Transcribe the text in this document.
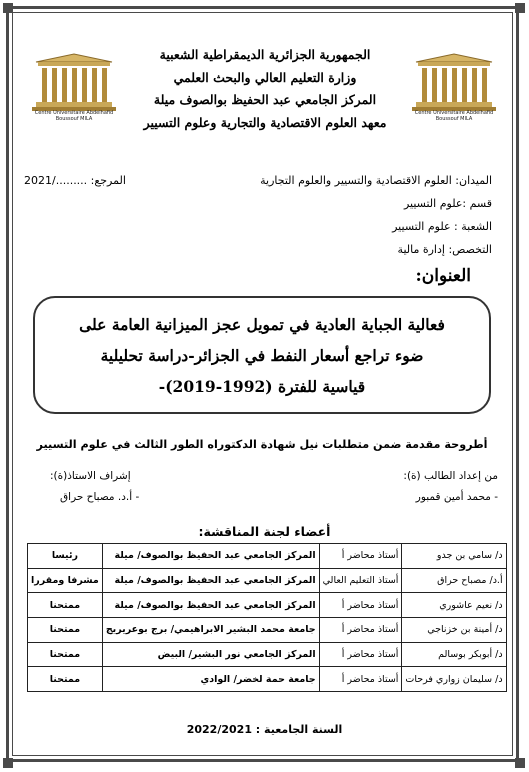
Centre Universitaire Abdelhafid Boussouf MILA
Centre Universitaire Abdelhafid Boussouf MILA
الجمهورية الجزائرية الديمقراطية الشعبية
وزارة التعليم العالي والبحث العلمي
المركز الجامعي عبد الحفيظ بوالصوف ميلة
معهد العلوم الاقتصادية والتجارية وعلوم التسيير
الميدان: العلوم الاقتصادية والتسيير والعلوم التجارية
المرجع: ........./2021
قسم :علوم التسيير
الشعبة : علوم التسيير
التخصص: إدارة مالية
العنوان:
فعالية الجباية العادية في تمويل عجز الميزانية العامة على
ضوء تراجع أسعار النفط في الجزائر-دراسة تحليلية
قياسية للفترة (1992-2019)-
أطروحة مقدمة ضمن متطلبات نيل شهادة الدكتوراه الطور الثالث في علوم التسيير
من إعداد الطالب (ة):
إشراف الاستاذ(ة):
- محمد أمين قمبور
- أ.د. مصباح حراق
أعضاء لجنة المناقشة:
د/ سامي بن جدو	أستاذ محاضر أ	المركز الجامعي عبد الحفيظ بوالصوف/ ميلة	رئيسا
أ.د/ مصباح حراق	أستاذ التعليم العالي	المركز الجامعي عبد الحفيظ بوالصوف/ ميلة	مشرفا ومقررا
د/ نعيم عاشوري	أستاذ محاضر أ	المركز الجامعي عبد الحفيظ بوالصوف/ ميلة	ممتحنا
د/ أمينة بن خزناجي	أستاذ محاضر أ	جامعة محمد البشير الابراهيمي/ برج بوعريريج	ممتحنا
د/ أبوبكر بوسالم	أستاذ محاضر أ	المركز الجامعي نور البشير/ البيض	ممتحنا
د/ سليمان زواري فرحات	أستاذ محاضر أ	جامعة حمة لخضر/ الوادي	ممتحنا
السنة الجامعية : 2022/2021
